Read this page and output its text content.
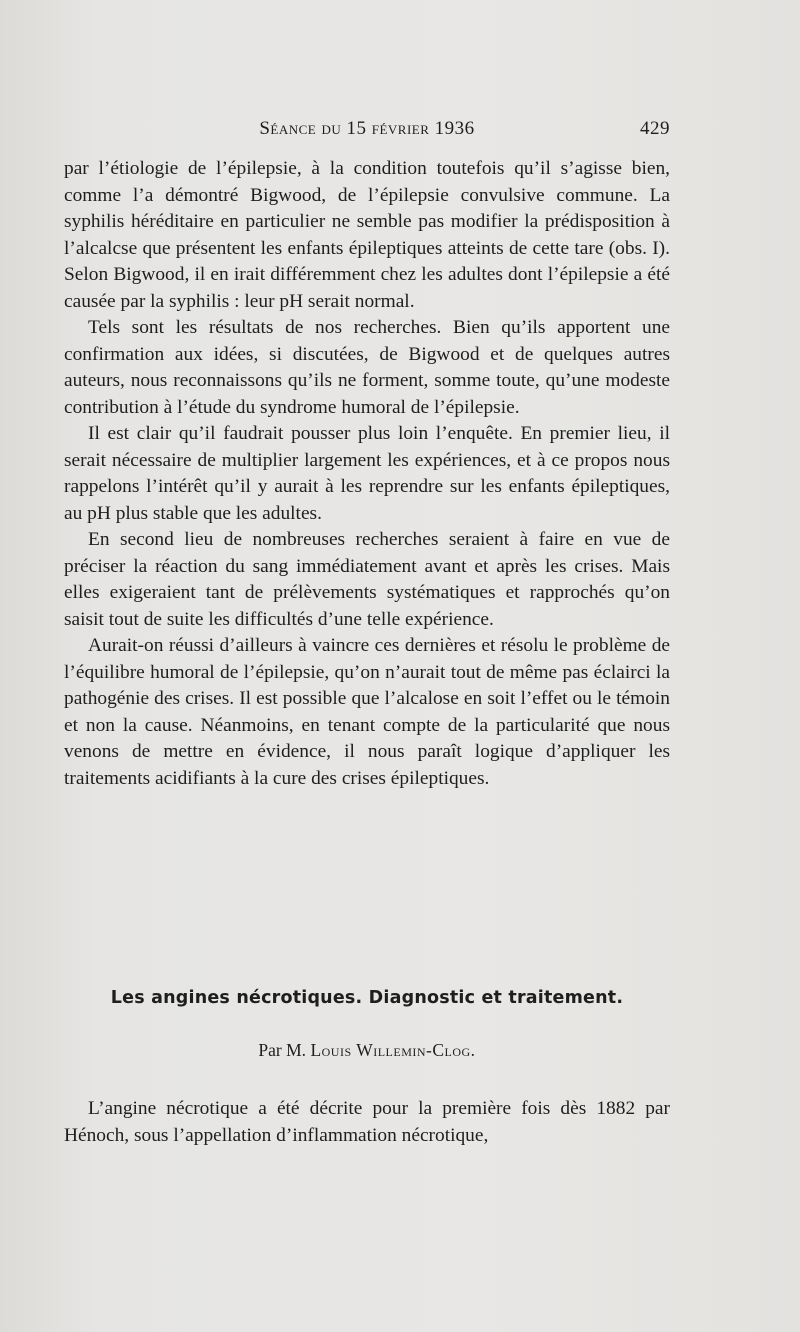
Séance du 15 février 1936	429

par l’étiologie de l’épilepsie, à la condition toutefois qu’il s’agisse bien, comme l’a démontré Bigwood, de l’épilepsie convulsive commune. La syphilis héréditaire en particulier ne semble pas modifier la prédisposition à l’alcalcse que présentent les enfants épileptiques atteints de cette tare (obs. I). Selon Bigwood, il en irait différemment chez les adultes dont l’épilepsie a été causée par la syphilis : leur pH serait normal.

Tels sont les résultats de nos recherches. Bien qu’ils apportent une confirmation aux idées, si discutées, de Bigwood et de quelques autres auteurs, nous reconnaissons qu’ils ne forment, somme toute, qu’une modeste contribution à l’étude du syndrome humoral de l’épilepsie.

Il est clair qu’il faudrait pousser plus loin l’enquête. En premier lieu, il serait nécessaire de multiplier largement les expériences, et à ce propos nous rappelons l’intérêt qu’il y aurait à les reprendre sur les enfants épileptiques, au pH plus stable que les adultes.

En second lieu de nombreuses recherches seraient à faire en vue de préciser la réaction du sang immédiatement avant et après les crises. Mais elles exigeraient tant de prélèvements systématiques et rapprochés qu’on saisit tout de suite les difficultés d’une telle expérience.

Aurait-on réussi d’ailleurs à vaincre ces dernières et résolu le problème de l’équilibre humoral de l’épilepsie, qu’on n’aurait tout de même pas éclairci la pathogénie des crises. Il est possible que l’alcalose en soit l’effet ou le témoin et non la cause. Néanmoins, en tenant compte de la particularité que nous venons de mettre en évidence, il nous paraît logique d’appliquer les traitements acidifiants à la cure des crises épileptiques.

Les angines nécrotiques. Diagnostic et traitement.
Par M. Louis Willemin-Clog.

L’angine nécrotique a été décrite pour la première fois dès 1882 par Hénoch, sous l’appellation d’inflammation nécrotique,
